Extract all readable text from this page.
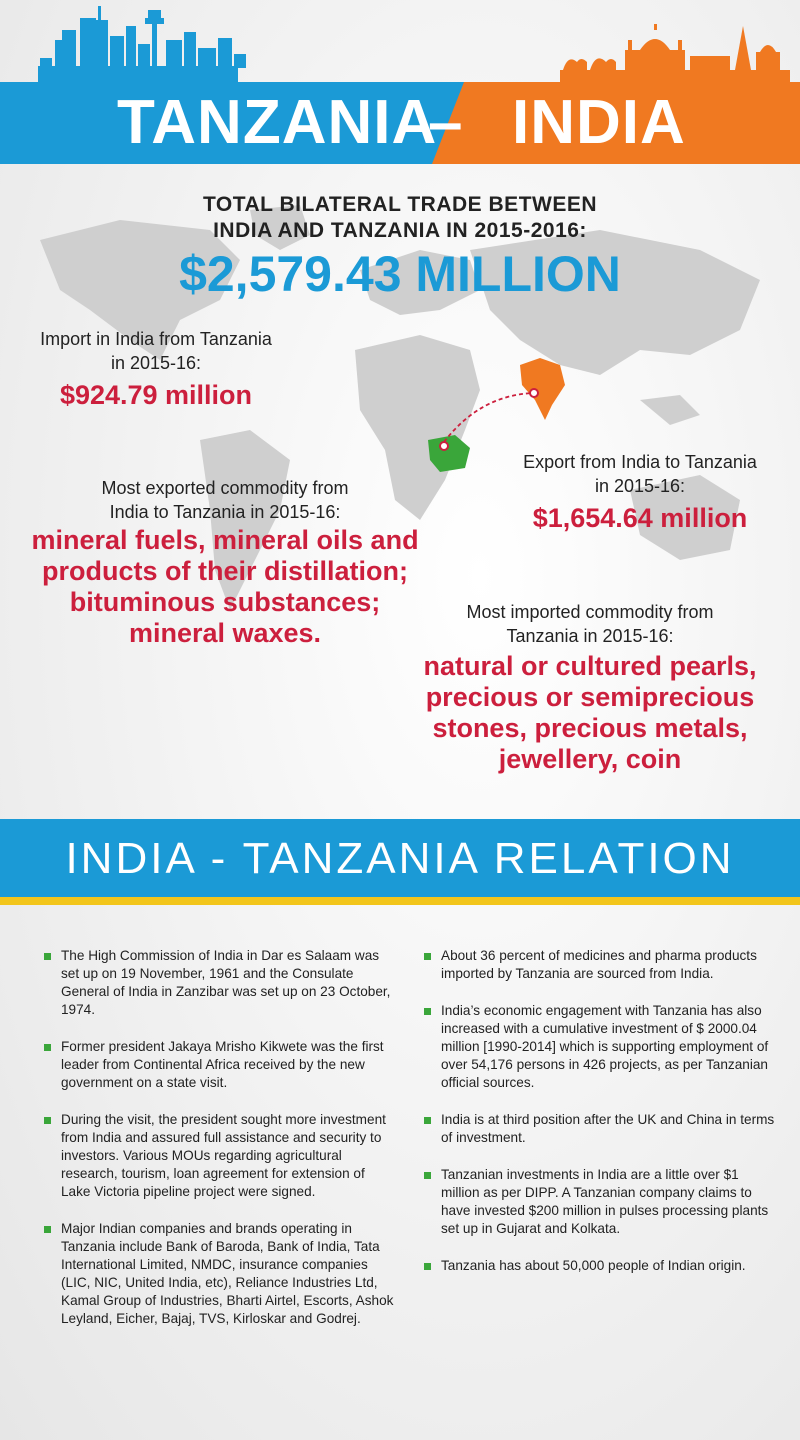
TANZANIA
– INDIA
TOTAL BILATERAL TRADE BETWEEN
INDIA AND TANZANIA IN 2015-2016:
$2,579.43 MILLION
Import in India from Tanzania
in 2015-16:
$924.79 million
Export from India to Tanzania
in 2015-16:
$1,654.64 million
Most exported commodity from
India to Tanzania in 2015-16:
mineral fuels, mineral oils and
products of their distillation;
bituminous substances;
mineral waxes.
Most imported commodity from
Tanzania in 2015-16:
natural or cultured pearls,
precious or semiprecious
stones, precious metals,
jewellery, coin
INDIA - TANZANIA RELATION
The High Commission of India in Dar es Salaam was set up on 19 November, 1961 and the Consulate General of India in Zanzibar was set up on 23 October, 1974.
Former president Jakaya Mrisho Kikwete was the first leader from Continental Africa received by the new government on a state visit.
During the visit, the president sought more investment from India and assured full assistance and security to investors. Various MOUs regarding agricultural research, tourism, loan agreement for extension of Lake Victoria pipeline project were signed.
Major Indian companies and brands operating in Tanzania include Bank of Baroda, Bank of India, Tata International Limited, NMDC, insurance companies (LIC, NIC, United India, etc), Reliance Industries Ltd, Kamal Group of Industries, Bharti Airtel, Escorts, Ashok Leyland, Eicher, Bajaj, TVS, Kirloskar and Godrej.
About 36 percent of medicines and pharma products imported by Tanzania are sourced from India.
India’s economic engagement with Tanzania has also increased with a cumulative investment of $ 2000.04 million [1990-2014] which is supporting employment of over 54,176 persons in 426 projects, as per Tanzanian official sources.
India is at third position after the UK and China in terms of investment.
Tanzanian investments in India are a little over $1 million as per DIPP. A Tanzanian company claims to have invested $200 million in pulses processing plants set up in Gujarat and Kolkata.
Tanzania has about 50,000 people of Indian origin.
